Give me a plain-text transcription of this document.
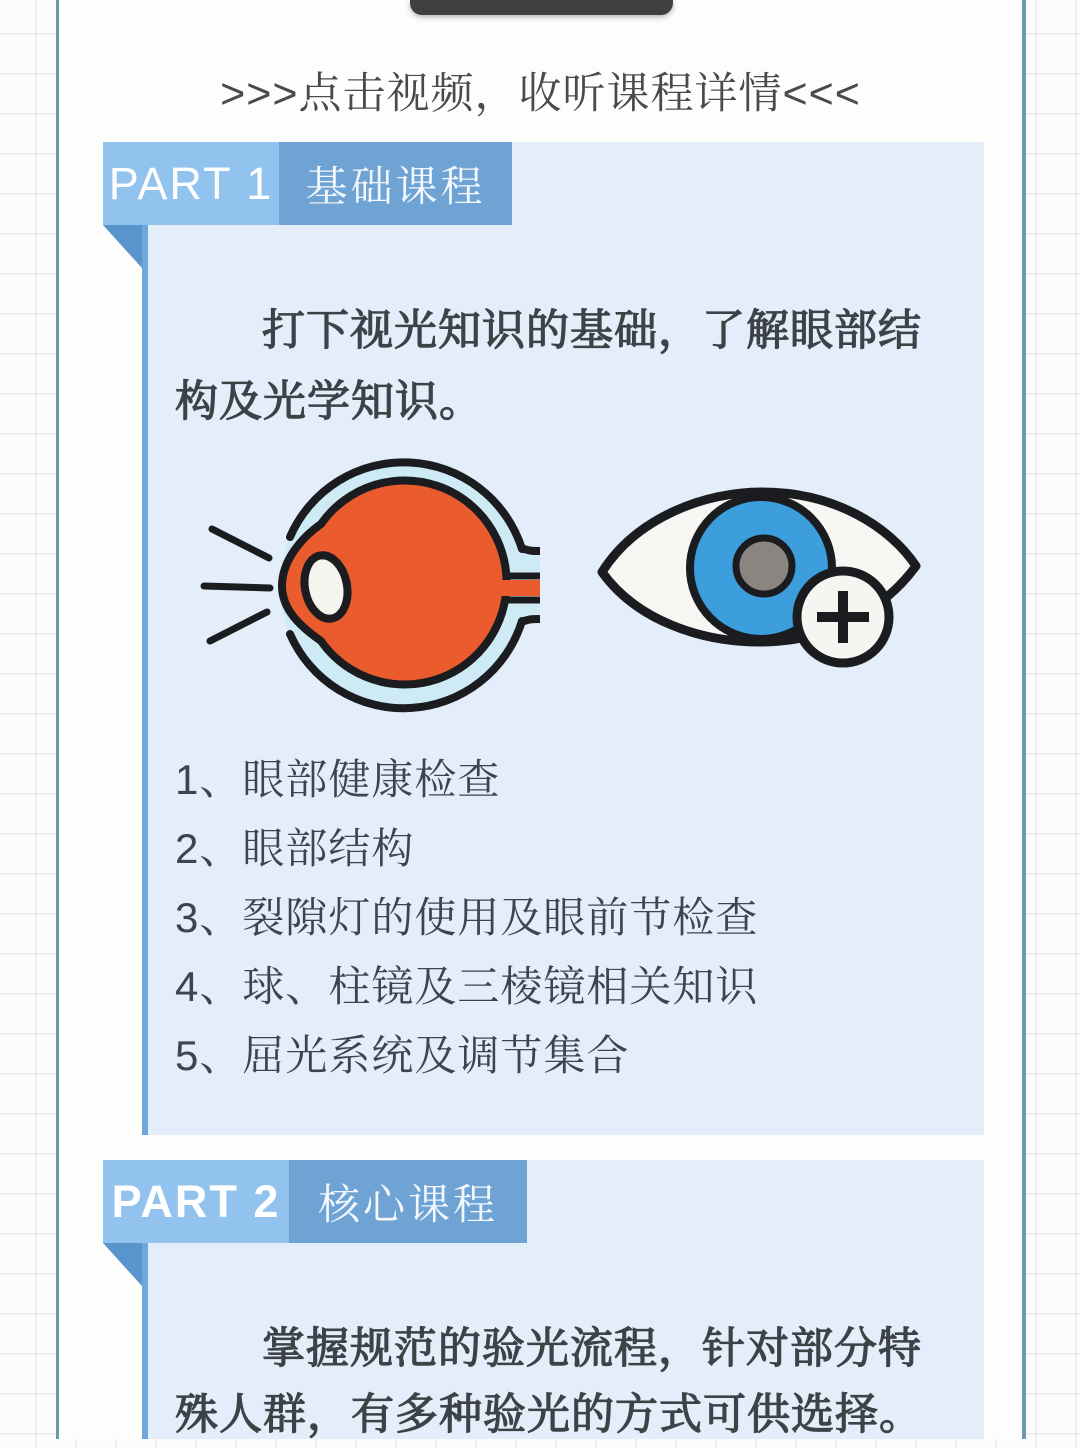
>>>点击视频，收听课程详情<<<
PART 1 基础课程
打下视光知识的基础，了解眼部结
构及光学知识。
1、眼部健康检查
2、眼部结构
3、裂隙灯的使用及眼前节检查
4、球、柱镜及三棱镜相关知识
5、屈光系统及调节集合
PART 2 核心课程
掌握规范的验光流程，针对部分特
殊人群，有多种验光的方式可供选择。
